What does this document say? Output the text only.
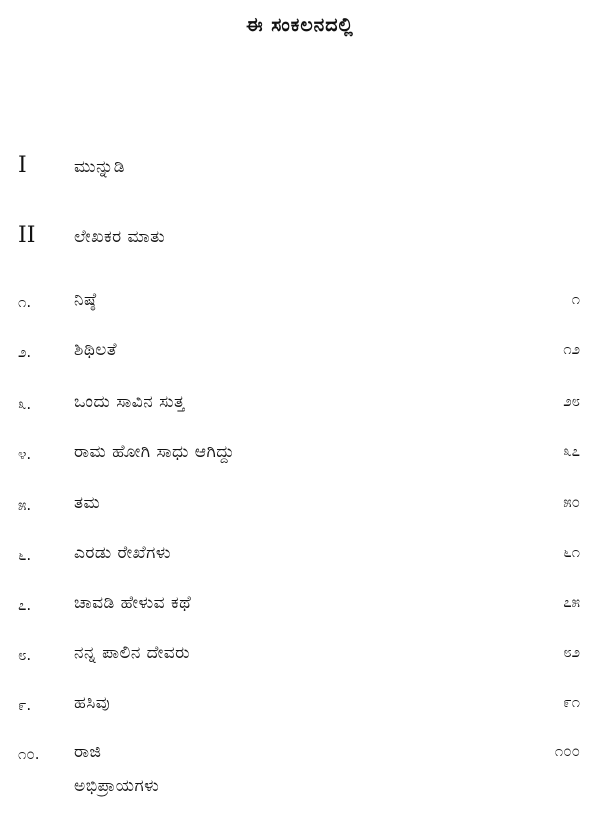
ಈ ಸಂಕಲನದಲ್ಲಿ
I	ಮುನ್ನುಡಿ
II ಲೇಖಕರ ಮಾತು
೧.	ನಿಷ್ಠೆ	೧
೨.	ಶಿಥಿಲತೆ	೧೨
೩.	ಒಂದು ಸಾವಿನ ಸುತ್ತ	೨೮
೪.	ರಾಮ ಹೋಗಿ ಸಾಧು ಆಗಿದ್ದು	೩೭
೫.	ತಮ	೫೦
೬.	ಎರಡು ರೇಖೆಗಳು	೬೧
೭.	ಚಾವಡಿ ಹೇಳುವ ಕಥೆ	೭೫
೮.	ನನ್ನ ಪಾಲಿನ ದೇವರು	೮೨
೯.	ಹಸಿವು	೯೧
೧೦. ರಾಜಿ	೧೦೦
ಅಭಿಪ್ರಾಯಗಳು
